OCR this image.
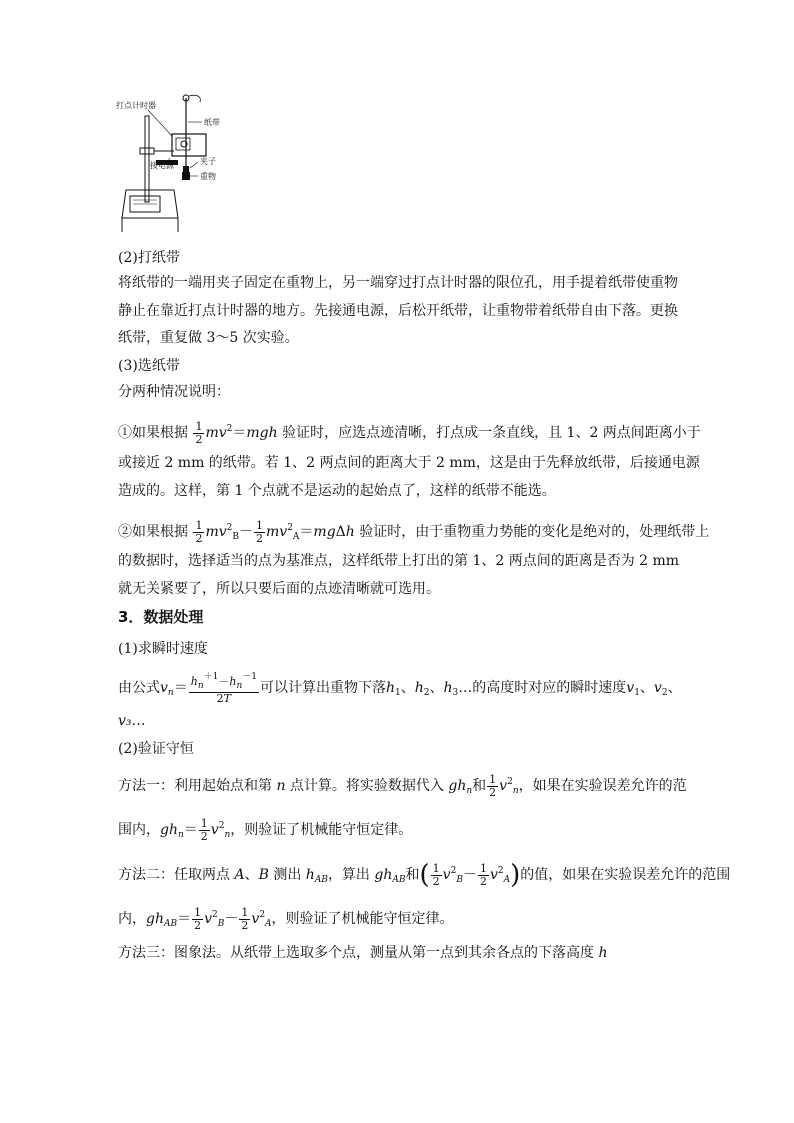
打点计时器
纸带
接电源	夹子
重物
(2)打纸带
将纸带的一端用夹子固定在重物上，另一端穿过打点计时器的限位孔，用手提着纸带使重物
静止在靠近打点计时器的地方。先接通电源，后松开纸带，让重物带着纸带自由下落。更换
纸带，重复做 3～5 次实验。
(3)选纸带
分两种情况说明：
①如果根据 $\frac{1}{2} mv^2=mgh$ 验证时，应选点迹清晰，打点成一条直线，且 1、2 两点间距离小于
或接近 2 mm 的纸带。若 1、2 两点间的距离大于 2 mm，这是由于先释放纸带，后接通电源
造成的。这样，第 1 个点就不是运动的起始点了，这样的纸带不能选。
②如果根据 $\frac{1}{2} mv^2_B- \frac{1}{2} mv^2_A=mg\Delta h$ 验证时，由于重物重力势能的变化是绝对的，处理纸带上
的数据时，选择适当的点为基准点，这样纸带上打出的第 1、2 两点间的距离是否为 2 mm
就无关紧要了，所以只要后面的点迹清晰就可选用。
3．数据处理
(1)求瞬时速度
由公式$v_n= \frac{h_n^{+1}-h_n^{-1}}{2T}$ 可以计算出重物下落$h_1$、$h_2$、$h_3\dots$的高度时对应的瞬时速度$v_1$、$v_2$、
v₃…
(2)验证守恒
方法一：利用起始点和第 n 点计算。将实验数据代入 $gh_n$和 $\frac{1}{2} v^2_n$，如果在实验误差允许的范
围内，$gh_n= \frac{1}{2} v^2_n$，则验证了机械能守恒定律。
方法二：任取两点 A、B 测出 $h_{AB}$，算出 $gh_{AB}$和( $\frac{1}{2} v^2_B- \frac{1}{2} v^2_A$)的值，如果在实验误差允许的范围
内，$gh_{AB}= \frac{1}{2} v^2_B- \frac{1}{2} v^2_A$，则验证了机械能守恒定律。
方法三：图象法。从纸带上选取多个点，测量从第一点到其余各点的下落高度 h
